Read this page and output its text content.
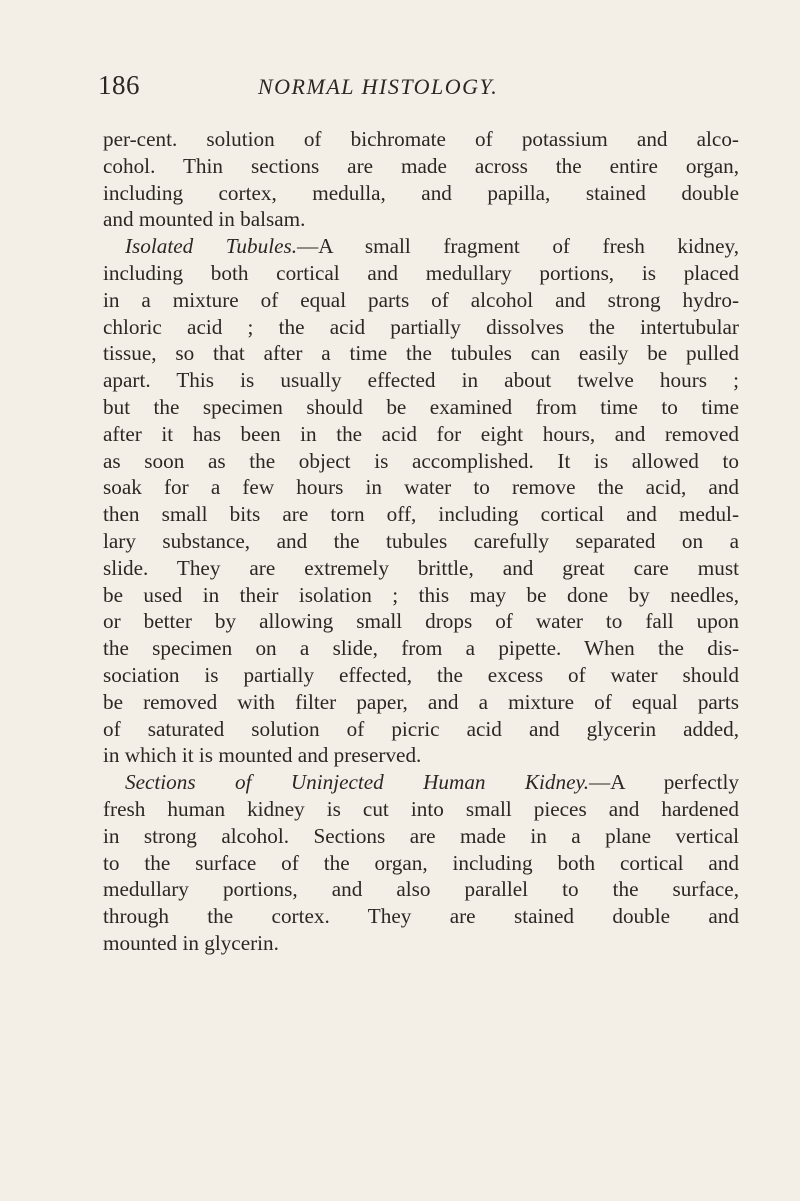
186	NORMAL HISTOLOGY.
per-cent. solution of bichromate of potassium and alco-
cohol. Thin sections are made across the entire organ,
including cortex, medulla, and papilla, stained double
and mounted in balsam.
Isolated Tubules.—A small fragment of fresh kidney,
including both cortical and medullary portions, is placed
in a mixture of equal parts of alcohol and strong hydro-
chloric acid ; the acid partially dissolves the intertubular
tissue, so that after a time the tubules can easily be pulled
apart. This is usually effected in about twelve hours ;
but the specimen should be examined from time to time
after it has been in the acid for eight hours, and removed
as soon as the object is accomplished. It is allowed to
soak for a few hours in water to remove the acid, and
then small bits are torn off, including cortical and medul-
lary substance, and the tubules carefully separated on a
slide. They are extremely brittle, and great care must
be used in their isolation ; this may be done by needles,
or better by allowing small drops of water to fall upon
the specimen on a slide, from a pipette. When the dis-
sociation is partially effected, the excess of water should
be removed with filter paper, and a mixture of equal parts
of saturated solution of picric acid and glycerin added,
in which it is mounted and preserved.
Sections of Uninjected Human Kidney.—A perfectly
fresh human kidney is cut into small pieces and hardened
in strong alcohol. Sections are made in a plane vertical
to the surface of the organ, including both cortical and
medullary portions, and also parallel to the surface,
through the cortex. They are stained double and
mounted in glycerin.
